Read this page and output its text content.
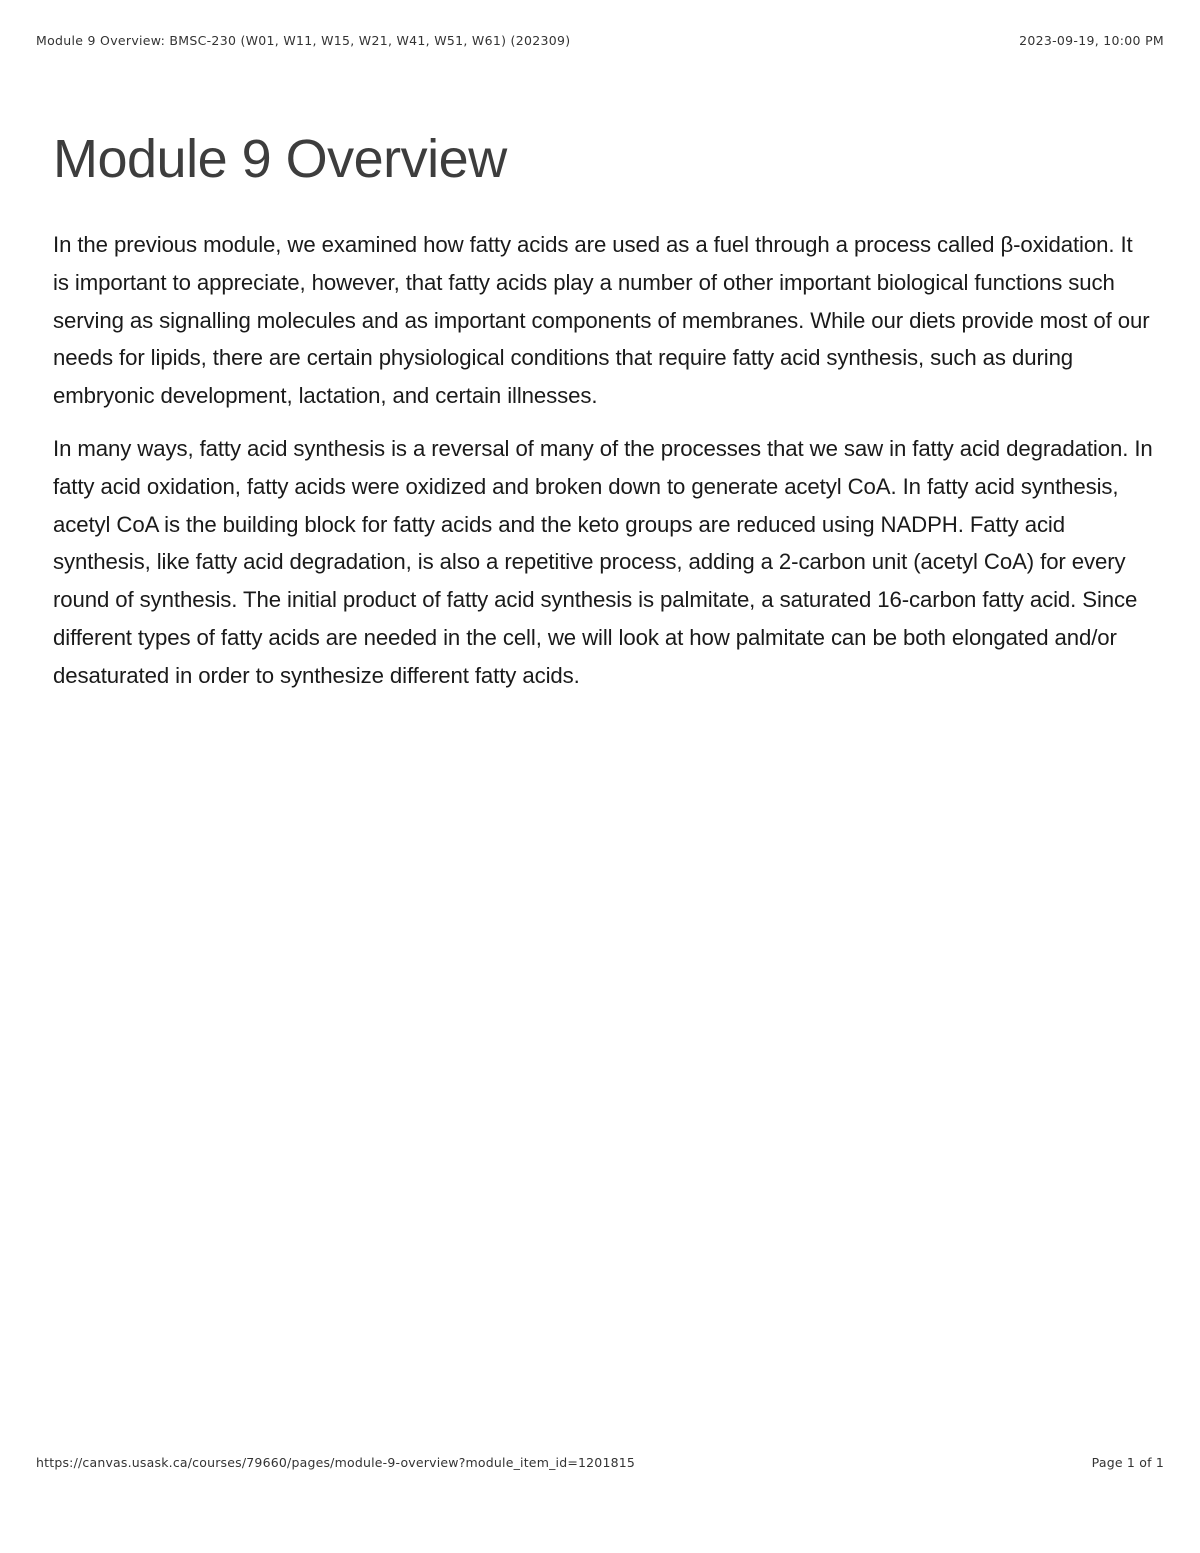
Module 9 Overview: BMSC-230 (W01, W11, W15, W21, W41, W51, W61) (202309)	2023-09-19, 10:00 PM
Module 9 Overview

In the previous module, we examined how fatty acids are used as a fuel through a process called β-oxidation. It is important to appreciate, however, that fatty acids play a number of other important biological functions such serving as signalling molecules and as important components of membranes. While our diets provide most of our needs for lipids, there are certain physiological conditions that require fatty acid synthesis, such as during embryonic development, lactation, and certain illnesses.

In many ways, fatty acid synthesis is a reversal of many of the processes that we saw in fatty acid degradation. In fatty acid oxidation, fatty acids were oxidized and broken down to generate acetyl CoA. In fatty acid synthesis, acetyl CoA is the building block for fatty acids and the keto groups are reduced using NADPH. Fatty acid synthesis, like fatty acid degradation, is also a repetitive process, adding a 2-carbon unit (acetyl CoA) for every round of synthesis. The initial product of fatty acid synthesis is palmitate, a saturated 16-carbon fatty acid. Since different types of fatty acids are needed in the cell, we will look at how palmitate can be both elongated and/or desaturated in order to synthesize different fatty acids.

https://canvas.usask.ca/courses/79660/pages/module-9-overview?module_item_id=1201815	Page 1 of 1
